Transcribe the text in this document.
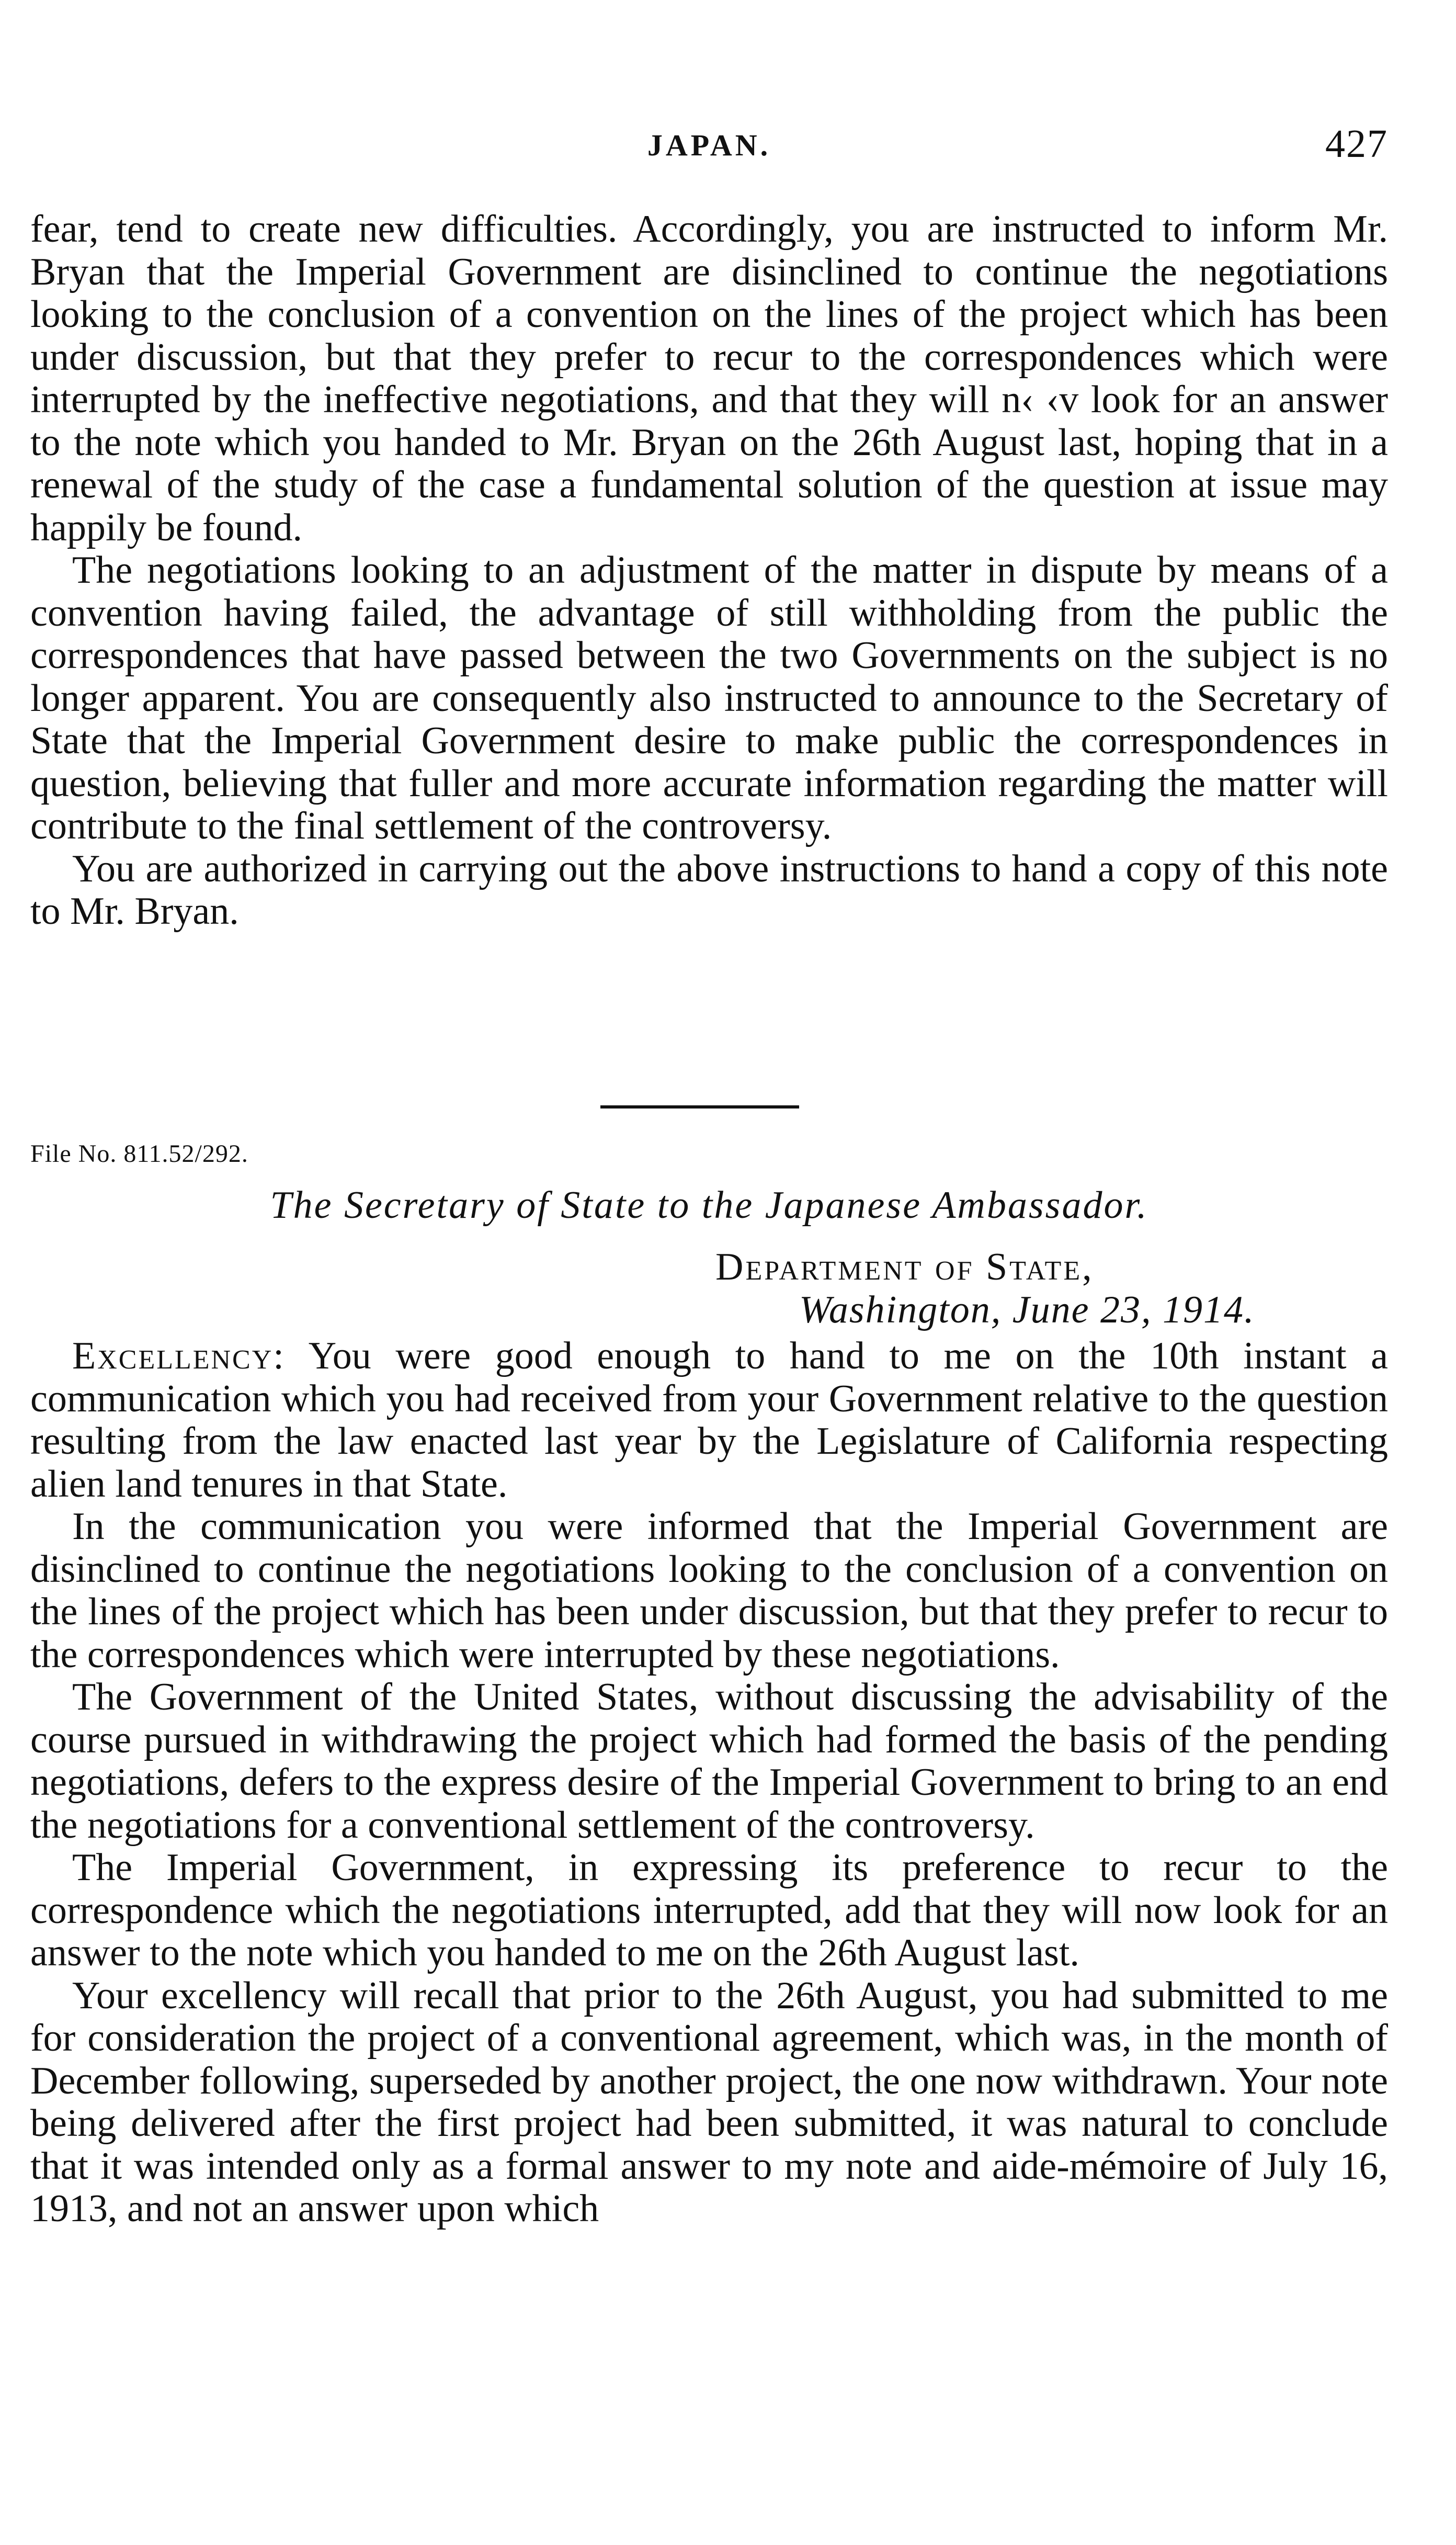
JAPAN.	427

fear, tend to create new difficulties. Accordingly, you are instructed to inform Mr. Bryan that the Imperial Government are disinclined to continue the negotiations looking to the conclusion of a convention on the lines of the project which has been under discussion, but that they prefer to recur to the correspondences which were interrupted by the ineffective negotiations, and that they will n‹ ‹v look for an answer to the note which you handed to Mr. Bryan on the 26th August last, hoping that in a renewal of the study of the case a fundamental solution of the question at issue may happily be found.

The negotiations looking to an adjustment of the matter in dispute by means of a convention having failed, the advantage of still withholding from the public the correspondences that have passed between the two Governments on the subject is no longer apparent. You are consequently also instructed to announce to the Secretary of State that the Imperial Government desire to make public the correspondences in question, believing that fuller and more accurate information regarding the matter will contribute to the final settlement of the controversy.

You are authorized in carrying out the above instructions to hand a copy of this note to Mr. Bryan.

File No. 811.52/292.
The Secretary of State to the Japanese Ambassador.
Department of State,
Washington, June 23, 1914.

Excellency: You were good enough to hand to me on the 10th instant a communication which you had received from your Government relative to the question resulting from the law enacted last year by the Legislature of California respecting alien land tenures in that State.

In the communication you were informed that the Imperial Government are disinclined to continue the negotiations looking to the conclusion of a convention on the lines of the project which has been under discussion, but that they prefer to recur to the correspondences which were interrupted by these negotiations.

The Government of the United States, without discussing the advisability of the course pursued in withdrawing the project which had formed the basis of the pending negotiations, defers to the express desire of the Imperial Government to bring to an end the negotiations for a conventional settlement of the controversy.

The Imperial Government, in expressing its preference to recur to the correspondence which the negotiations interrupted, add that they will now look for an answer to the note which you handed to me on the 26th August last.

Your excellency will recall that prior to the 26th August, you had submitted to me for consideration the project of a conventional agreement, which was, in the month of December following, superseded by another project, the one now withdrawn. Your note being delivered after the first project had been submitted, it was natural to conclude that it was intended only as a formal answer to my note and aide-mémoire of July 16, 1913, and not an answer upon which
